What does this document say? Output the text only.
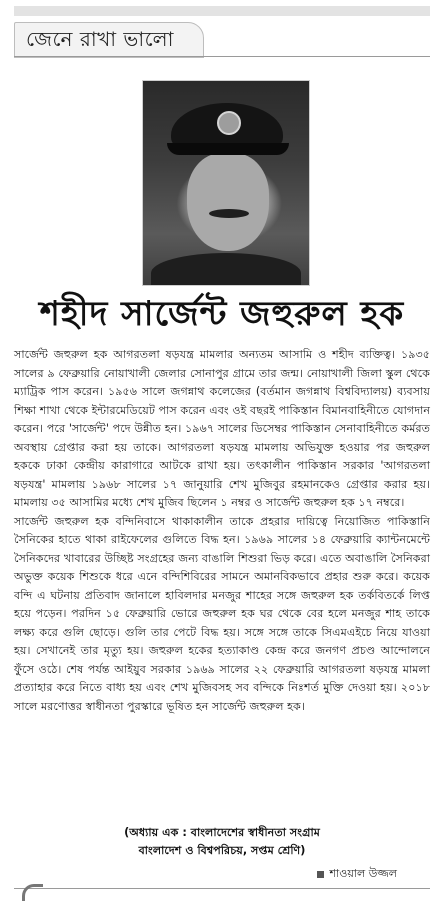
জেনে রাখা ভালো
শহীদ সার্জেন্ট জহুরুল হক

সার্জেন্ট জহুরুল হক আগরতলা ষড়যন্ত্র মামলার অন্যতম আসামি ও শহীদ ব্যক্তিত্ব। ১৯৩৫ সালের ৯ ফেব্রুয়ারি নোয়াখালী জেলার সোনাপুর গ্রামে তার জন্ম। নোয়াখালী জিলা স্কুল থেকে ম্যাট্রিক পাস করেন। ১৯৫৬ সালে জগন্নাথ কলেজের (বর্তমান জগন্নাথ বিশ্ববিদ্যালয়) ব্যবসায় শিক্ষা শাখা থেকে ইন্টারমেডিয়েট পাস করেন এবং ওই বছরই পাকিস্তান বিমানবাহিনীতে যোগদান করেন। পরে 'সার্জেন্ট' পদে উন্নীত হন। ১৯৬৭ সালের ডিসেম্বর পাকিস্তান সেনাবাহিনীতে কর্মরত অবস্থায় গ্রেপ্তার করা হয় তাকে। আগরতলা ষড়যন্ত্র মামলায় অভিযুক্ত হওয়ার পর জহুরুল হককে ঢাকা কেন্দ্রীয় কারাগারে আটকে রাখা হয়। তৎকালীন পাকিস্তান সরকার 'আগরতলা ষড়যন্ত্র' মামলায় ১৯৬৮ সালের ১৭ জানুয়ারি শেখ মুজিবুর রহমানকেও গ্রেপ্তার করার হয়। মামলায় ৩৫ আসামির মধ্যে শেখ মুজিব ছিলেন ১ নম্বর ও সার্জেন্ট জহুরুল হক ১৭ নম্বরে।

সার্জেন্ট জহুরুল হক বন্দিনিবাসে থাকাকালীন তাকে প্রহরার দায়িত্বে নিয়োজিত পাকিস্তানি সৈনিকের হাতে থাকা রাইফেলের গুলিতে বিদ্ধ হন। ১৯৬৯ সালের ১৪ ফেব্রুয়ারি ক্যান্টনমেন্টে সৈনিকদের খাবারের উচ্ছিষ্ট সংগ্রহের জন্য বাঙালি শিশুরা ভিড় করে। এতে অবাঙালি সৈনিকরা অভুক্ত কয়েক শিশুকে ধরে এনে বন্দিশিবিরের সামনে অমানবিকভাবে প্রহার শুরু করে। কয়েক বন্দি এ ঘটনায় প্রতিবাদ জানালে হাবিলদার মনজুর শাহের সঙ্গে জহুরুল হক তর্কবিতর্কে লিপ্ত হয়ে পড়েন। পরদিন ১৫ ফেব্রুয়ারি ভোরে জহুরুল হক ঘর থেকে বের হলে মনজুর শাহ তাকে লক্ষ্য করে গুলি ছোড়ে। গুলি তার পেটে বিদ্ধ হয়। সঙ্গে সঙ্গে তাকে সিএমএইচে নিয়ে যাওয়া হয়। সেখানেই তার মৃত্যু হয়। জহুরুল হকের হত্যাকাণ্ড কেন্দ্র করে জনগণ প্রচণ্ড আন্দোলনে ফুঁসে ওঠে। শেষ পর্যন্ত আইয়ুব সরকার ১৯৬৯ সালের ২২ ফেব্রুয়ারি আগরতলা ষড়যন্ত্র মামলা প্রত্যাহার করে নিতে বাধ্য হয় এবং শেখ মুজিবসহ সব বন্দিকে নিঃশর্ত মুক্তি দেওয়া হয়। ২০১৮ সালে মরণোত্তর স্বাধীনতা পুরস্কারে ভূষিত হন সার্জেন্ট জহুরুল হক।

(অধ্যায় এক : বাংলাদেশের স্বাধীনতা সংগ্রাম
বাংলাদেশ ও বিশ্বপরিচয়, সপ্তম শ্রেণি)
শাওয়াল উজ্জল
